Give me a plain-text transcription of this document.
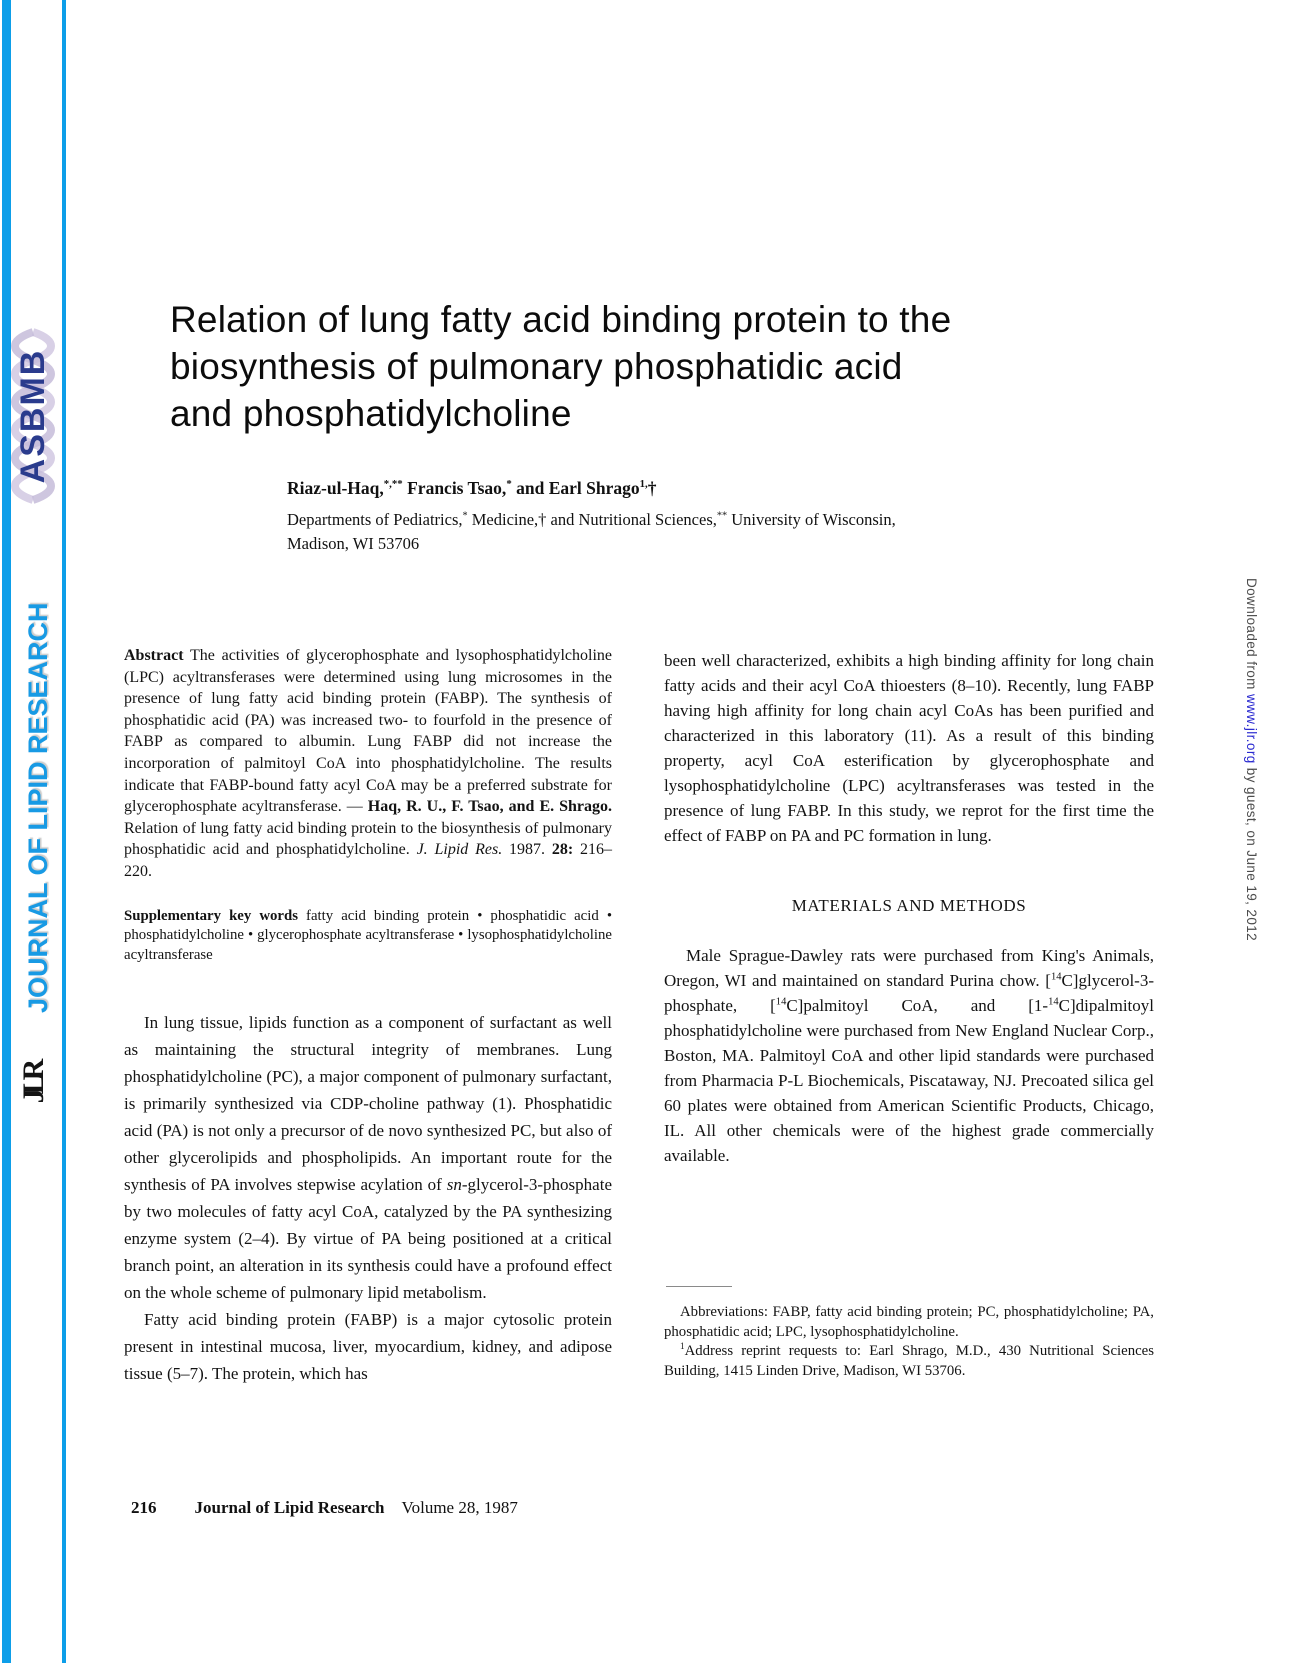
ASBMB
JOURNAL OF LIPID RESEARCH
JLR
Downloaded from www.jlr.org by guest, on June 19, 2012
Relation of lung fatty acid binding protein to the
biosynthesis of pulmonary phosphatidic acid
and phosphatidylcholine
Riaz-ul-Haq,*,** Francis Tsao,* and Earl Shrago$^{1,}$†
Departments of Pediatrics,* Medicine,† and Nutritional Sciences,** University of Wisconsin,
Madison, WI 53706
Abstract The activities of glycerophosphate and lysophosphatidylcholine (LPC) acyltransferases were determined using lung microsomes in the presence of lung fatty acid binding protein (FABP). The synthesis of phosphatidic acid (PA) was increased two- to fourfold in the presence of FABP as compared to albumin. Lung FABP did not increase the incorporation of palmitoyl CoA into phosphatidylcholine. The results indicate that FABP-bound fatty acyl CoA may be a preferred substrate for glycerophosphate acyltransferase. — Haq, R. U., F. Tsao, and E. Shrago. Relation of lung fatty acid binding protein to the biosynthesis of pulmonary phosphatidic acid and phosphatidylcholine. J. Lipid Res. 1987. 28: 216–220.
Supplementary key words fatty acid binding protein • phosphatidic acid • phosphatidylcholine • glycerophosphate acyltransferase • lysophosphatidylcholine acyltransferase

In lung tissue, lipids function as a component of surfactant as well as maintaining the structural integrity of membranes. Lung phosphatidylcholine (PC), a major component of pulmonary surfactant, is primarily synthesized via CDP-choline pathway (1). Phosphatidic acid (PA) is not only a precursor of de novo synthesized PC, but also of other glycerolipids and phospholipids. An important route for the synthesis of PA involves stepwise acylation of sn-glycerol-3-phosphate by two molecules of fatty acyl CoA, catalyzed by the PA synthesizing enzyme system (2–4). By virtue of PA being positioned at a critical branch point, an alteration in its synthesis could have a profound effect on the whole scheme of pulmonary lipid metabolism.

Fatty acid binding protein (FABP) is a major cytosolic protein present in intestinal mucosa, liver, myocardium, kidney, and adipose tissue (5–7). The protein, which has

been well characterized, exhibits a high binding affinity for long chain fatty acids and their acyl CoA thioesters (8–10). Recently, lung FABP having high affinity for long chain acyl CoAs has been purified and characterized in this laboratory (11). As a result of this binding property, acyl CoA esterification by glycerophosphate and lysophosphatidylcholine (LPC) acyltransferases was tested in the presence of lung FABP. In this study, we reprot for the first time the effect of FABP on PA and PC formation in lung.
MATERIALS AND METHODS
Male Sprague-Dawley rats were purchased from King's Animals, Oregon, WI and maintained on standard Purina chow. [$^{14}$C]glycerol-3-phosphate, [$^{14}$C]palmitoyl CoA, and [1-$^{14}$C]dipalmitoyl phosphatidylcholine were purchased from New England Nuclear Corp., Boston, MA. Palmitoyl CoA and other lipid standards were purchased from Pharmacia P-L Biochemicals, Piscataway, NJ. Precoated silica gel 60 plates were obtained from American Scientific Products, Chicago, IL. All other chemicals were of the highest grade commercially available.
Abbreviations: FABP, fatty acid binding protein; PC, phosphatidylcholine; PA, phosphatidic acid; LPC, lysophosphatidylcholine.
$^1$Address reprint requests to: Earl Shrago, M.D., 430 Nutritional Sciences Building, 1415 Linden Drive, Madison, WI 53706.
216 Journal of Lipid Research Volume 28, 1987
